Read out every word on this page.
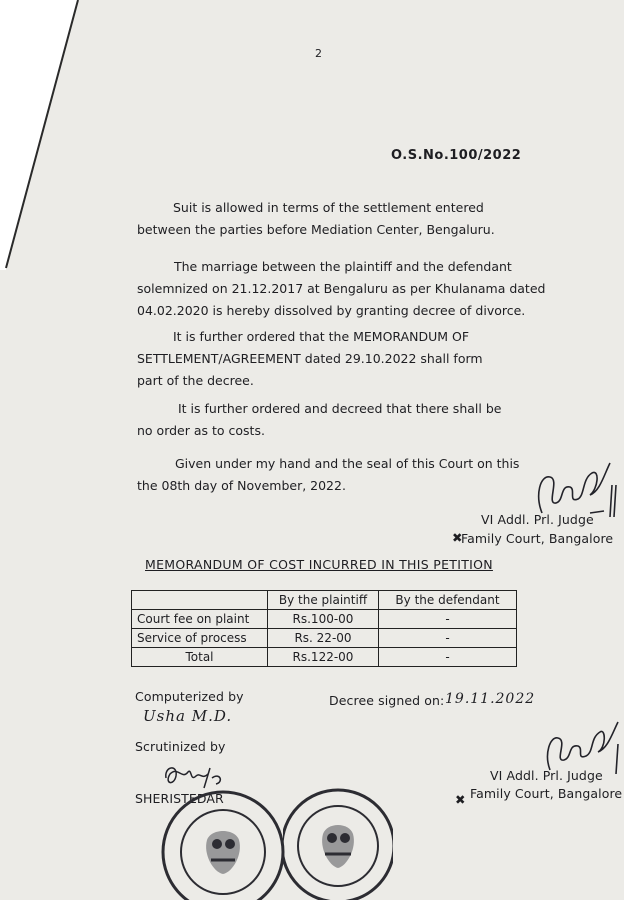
2
O.S.No.100/2022
Suit is allowed in terms of the settlement entered
between the parties before Mediation Center, Bengaluru.
The marriage between the plaintiff and the defendant
solemnized on 21.12.2017 at Bengaluru as per Khulanama dated
04.02.2020 is hereby dissolved by granting decree of divorce.
It is further ordered that the MEMORANDUM OF
SETTLEMENT/AGREEMENT dated 29.10.2022 shall form
part of the decree.
It is further ordered and decreed that there shall be
no order as to costs.
Given under my hand and the seal of this Court on this
the 08th day of November, 2022.
VI Addl. Prl. Judge
✖
Family Court, Bangalore
MEMORANDUM OF COST INCURRED IN THIS PETITION
	By the plaintiff	By the defendant
Court fee on plaint	Rs.100-00	-
Service of process	Rs. 22-00	-
Total	Rs.122-00	-
Computerized by
Usha M.D.
Decree signed on: 19.11.2022
Scrutinized by
SHERISTEDAR
VI Addl. Prl. Judge
✖ Family Court, Bangalore
